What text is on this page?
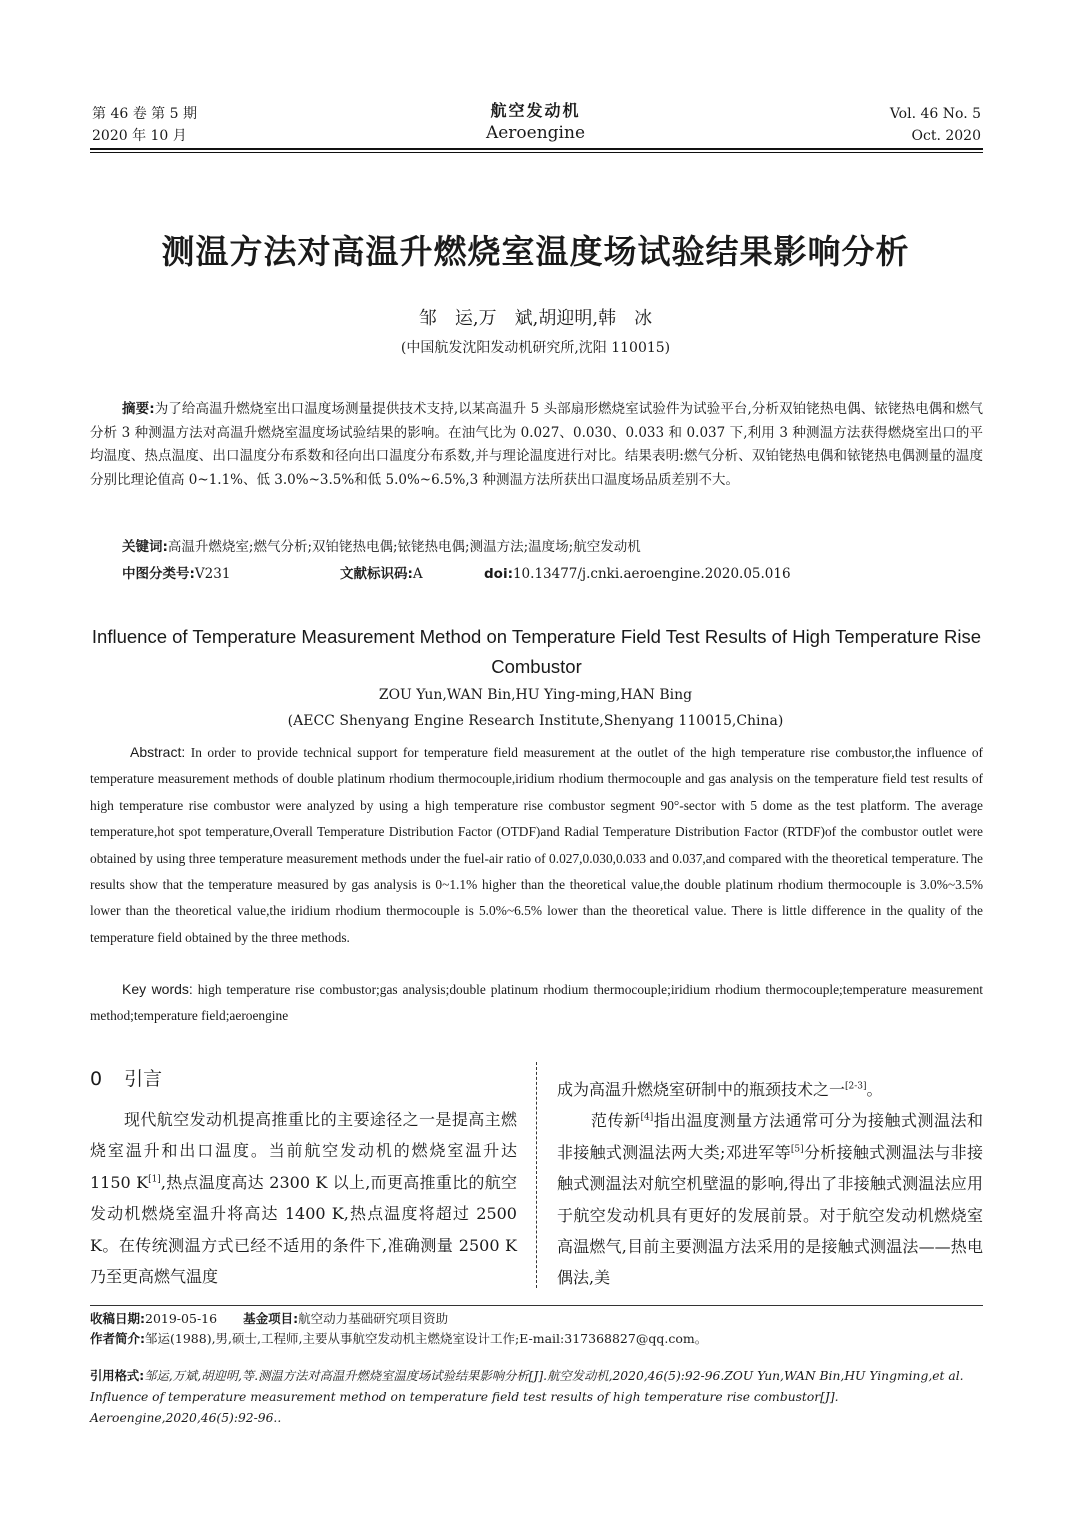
第 46 卷 第 5 期
2020 年 10 月
航空发动机
Aeroengine
Vol. 46 No. 5
Oct. 2020
测温方法对高温升燃烧室温度场试验结果影响分析
邹　运,万　斌,胡迎明,韩　冰
(中国航发沈阳发动机研究所,沈阳 110015)
摘要:为了给高温升燃烧室出口温度场测量提供技术支持,以某高温升 5 头部扇形燃烧室试验件为试验平台,分析双铂铑热电偶、铱铑热电偶和燃气分析 3 种测温方法对高温升燃烧室温度场试验结果的影响。在油气比为 0.027、0.030、0.033 和 0.037 下,利用 3 种测温方法获得燃烧室出口的平均温度、热点温度、出口温度分布系数和径向出口温度分布系数,并与理论温度进行对比。结果表明:燃气分析、双铂铑热电偶和铱铑热电偶测量的温度分别比理论值高 0~1.1%、低 3.0%~3.5%和低 5.0%~6.5%,3 种测温方法所获出口温度场品质差别不大。
关键词:高温升燃烧室;燃气分析;双铂铑热电偶;铱铑热电偶;测温方法;温度场;航空发动机
中图分类号:V231	文献标识码:A	doi:10.13477/j.cnki.aeroengine.2020.05.016
Influence of Temperature Measurement Method on Temperature Field Test Results of High Temperature Rise Combustor
ZOU Yun,WAN Bin,HU Ying-ming,HAN Bing
(AECC Shenyang Engine Research Institute,Shenyang 110015,China)
Abstract: In order to provide technical support for temperature field measurement at the outlet of the high temperature rise combustor,the influence of temperature measurement methods of double platinum rhodium thermocouple,iridium rhodium thermocouple and gas analysis on the temperature field test results of high temperature rise combustor were analyzed by using a high temperature rise combustor segment 90°-sector with 5 dome as the test platform. The average temperature,hot spot temperature,Overall Temperature Distribution Factor (OTDF)and Radial Temperature Distribution Factor (RTDF)of the combustor outlet were obtained by using three temperature measurement methods under the fuel-air ratio of 0.027,0.030,0.033 and 0.037,and compared with the theoretical temperature. The results show that the temperature measured by gas analysis is 0~1.1% higher than the theoretical value,the double platinum rhodium thermocouple is 3.0%~3.5% lower than the theoretical value,the iridium rhodium thermocouple is 5.0%~6.5% lower than the theoretical value. There is little difference in the quality of the temperature field obtained by the three methods.
Key words: high temperature rise combustor;gas analysis;double platinum rhodium thermocouple;iridium rhodium thermocouple;temperature measurement method;temperature field;aeroengine
0 引言
现代航空发动机提高推重比的主要途径之一是提高主燃烧室温升和出口温度。当前航空发动机的燃烧室温升达 1150 K[1],热点温度高达 2300 K 以上,而更高推重比的航空发动机燃烧室温升将高达 1400 K,热点温度将超过 2500 K。在传统测温方式已经不适用的条件下,准确测量 2500 K 乃至更高燃气温度

成为高温升燃烧室研制中的瓶颈技术之一[2-3]。

范传新[4]指出温度测量方法通常可分为接触式测温法和非接触式测温法两大类;邓进军等[5]分析接触式测温法与非接触式测温法对航空机壁温的影响,得出了非接触式测温法应用于航空发动机具有更好的发展前景。对于航空发动机燃烧室高温燃气,目前主要测温方法采用的是接触式测温法——热电偶法,美

收稿日期:2019-05-16 基金项目:航空动力基础研究项目资助
作者简介:邹运(1988),男,硕士,工程师,主要从事航空发动机主燃烧室设计工作;E-mail:317368827@qq.com。
引用格式:邹运,万斌,胡迎明,等.测温方法对高温升燃烧室温度场试验结果影响分析[J].航空发动机,2020,46(5):92-96.ZOU Yun,WAN Bin,HU Yingming,et al. Influence of temperature measurement method on temperature field test results of high temperature rise combustor[J]. Aeroengine,2020,46(5):92-96..
